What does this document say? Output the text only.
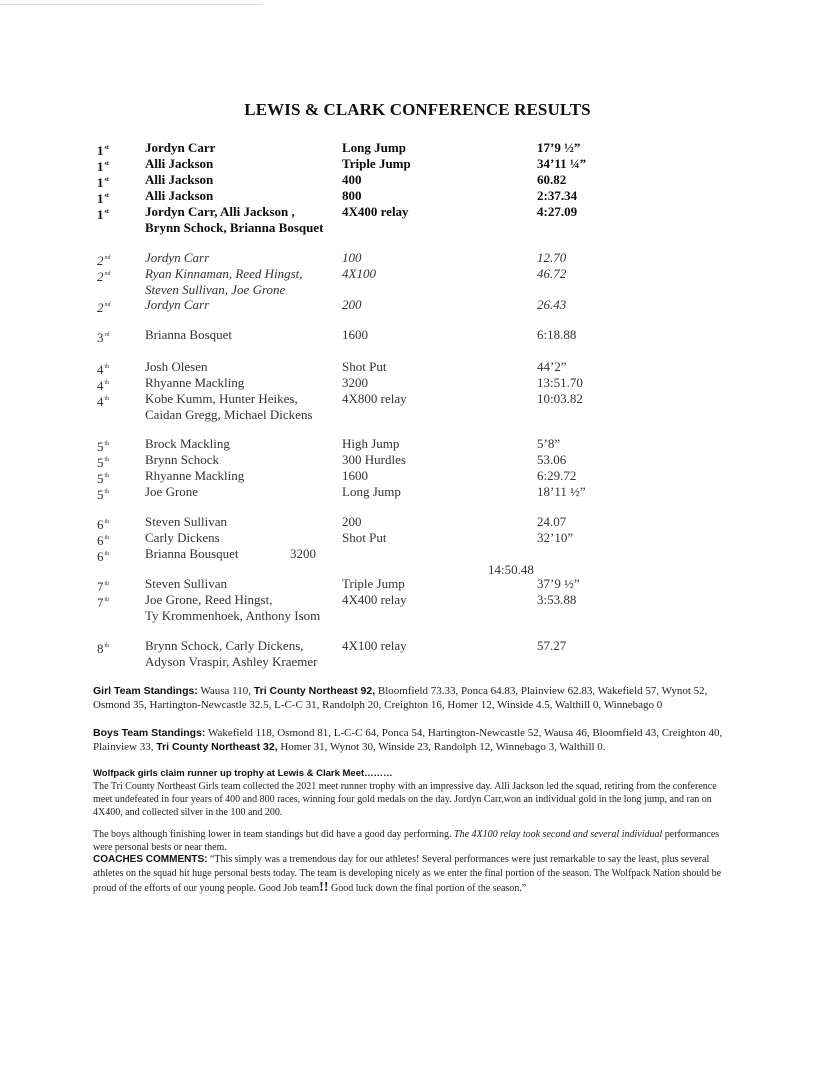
LEWIS & CLARK CONFERENCE RESULTS
1st	Jordyn Carr	Long Jump	17’9 ½”
1st	Alli Jackson	Triple Jump	34’11 ¼”
1st	Alli Jackson	400	60.82
1st	Alli Jackson	800	2:37.34
1st	Jordyn Carr, Alli Jackson ,
Brynn Schock, Brianna Bosquet
4X400 relay	4:27.09
2nd	Jordyn Carr	100	12.70
2nd	Ryan Kinnaman, Reed Hingst,
Steven Sullivan, Joe Grone
4X100	46.72
2nd	Jordyn Carr	200	26.43
3rd	Brianna Bosquet	1600	6:18.88
4th	Josh Olesen	Shot Put	44’2”
4th	Rhyanne Mackling	3200	13:51.70
4th	Kobe Kumm, Hunter Heikes,
Caidan Gregg, Michael Dickens
4X800 relay	10:03.82
5th	Brock Mackling	High Jump	5’8”
5th	Brynn Schock	300 Hurdles	53.06
5th	Rhyanne Mackling	1600	6:29.72
5th	Joe Grone	Long Jump	18’11 ½”
6th	Steven Sullivan	200	24.07
6th	Carly Dickens	Shot Put	32’10”
6th	Brianna Bousquet	3200
14:50.48
7th	Steven Sullivan	Triple Jump	37’9 ½”
7th	Joe Grone, Reed Hingst,
Ty Krommenhoek, Anthony Isom
4X400 relay	3:53.88
8th	Brynn Schock, Carly Dickens,
Adyson Vraspir, Ashley Kraemer
4X100 relay	57.27
Girl Team Standings: Wausa 110, Tri County Northeast 92, Bloomfield 73.33, Ponca 64.83, Plainview 62.83, Wakefield 57, Wynot 52, Osmond 35, Hartington-Newcastle 32.5, L-C-C 31, Randolph 20, Creighton 16, Homer 12, Winside 4.5, Walthill 0, Winnebago 0
Boys Team Standings: Wakefield 118, Osmond 81, L-C-C 64, Ponca 54, Hartington-Newcastle 52, Wausa 46, Bloomfield 43, Creighton 40, Plainview 33, Tri County Northeast 32, Homer 31, Wynot 30, Winside 23, Randolph 12, Winnebago 3, Walthill 0.
Wolfpack girls claim runner up trophy at Lewis & Clark Meet………
The Tri County Northeast Girls team collected the 2021 meet runner trophy with an impressive day. Alli Jackson led the squad, retiring from the conference meet undefeated in four years of 400 and 800 races, winning four gold medals on the day. Jordyn Carr,won an individual gold in the long jump, and ran on 4X400, and collected silver in the 100 and 200.
The boys although finishing lower in team standings but did have a good day performing. The 4X100 relay took second and several individual performances were personal bests or near them.
COACHES COMMENTS: “This simply was a tremendous day for our athletes! Several performances were just remarkable to say the least, plus several athletes on the squad hit huge personal bests today. The team is developing nicely as we enter the final portion of the season. The Wolfpack Nation should be proud of the efforts of our young people. Good Job team!! Good luck down the final portion of the season.”
